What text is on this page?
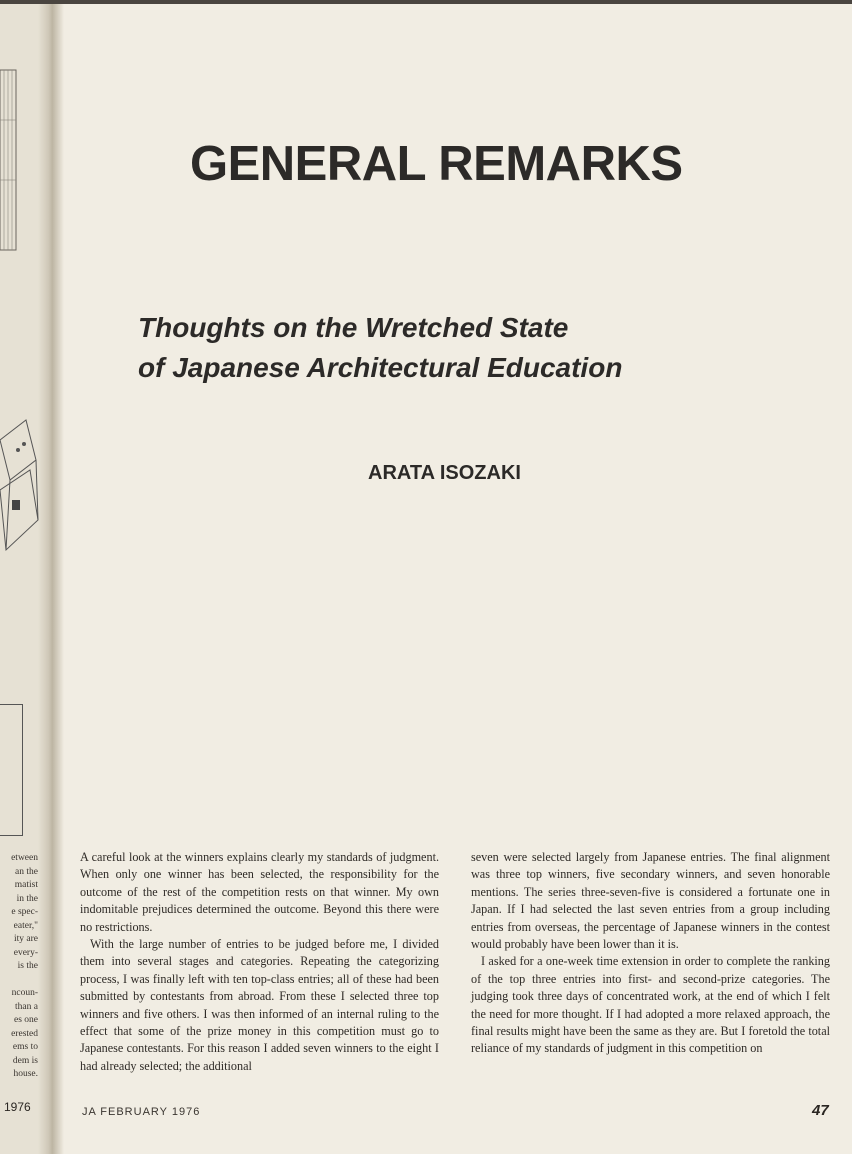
etween
an the
matist
in the
e spec-
eater,"
ity are
every-
is the

ncoun-
than a
es one
erested
ems to
dem is
house.
1976
GENERAL REMARKS
Thoughts on the Wretched State
of Japanese Architectural Education
ARATA ISOZAKI

A careful look at the winners explains clearly my standards of judgment. When only one winner has been selected, the responsibility for the outcome of the rest of the competition rests on that winner. My own indomitable prejudices determined the outcome. Beyond this there were no restrictions.

With the large number of entries to be judged before me, I divided them into several stages and categories. Repeating the categorizing process, I was finally left with ten top-class entries; all of these had been submitted by contestants from abroad. From these I selected three top winners and five others. I was then informed of an internal ruling to the effect that some of the prize money in this competition must go to Japanese contestants. For this reason I added seven winners to the eight I had already selected; the additional

seven were selected largely from Japanese entries. The final alignment was three top winners, five secondary winners, and seven honorable mentions. The series three-seven-five is considered a fortunate one in Japan. If I had selected the last seven entries from a group including entries from overseas, the percentage of Japanese winners in the contest would probably have been lower than it is.

I asked for a one-week time extension in order to complete the ranking of the top three entries into first- and second-prize categories. The judging took three days of concentrated work, at the end of which I felt the need for more thought. If I had adopted a more relaxed approach, the final results might have been the same as they are. But I foretold the total reliance of my standards of judgment in this competition on

JA FEBRUARY 1976	47
